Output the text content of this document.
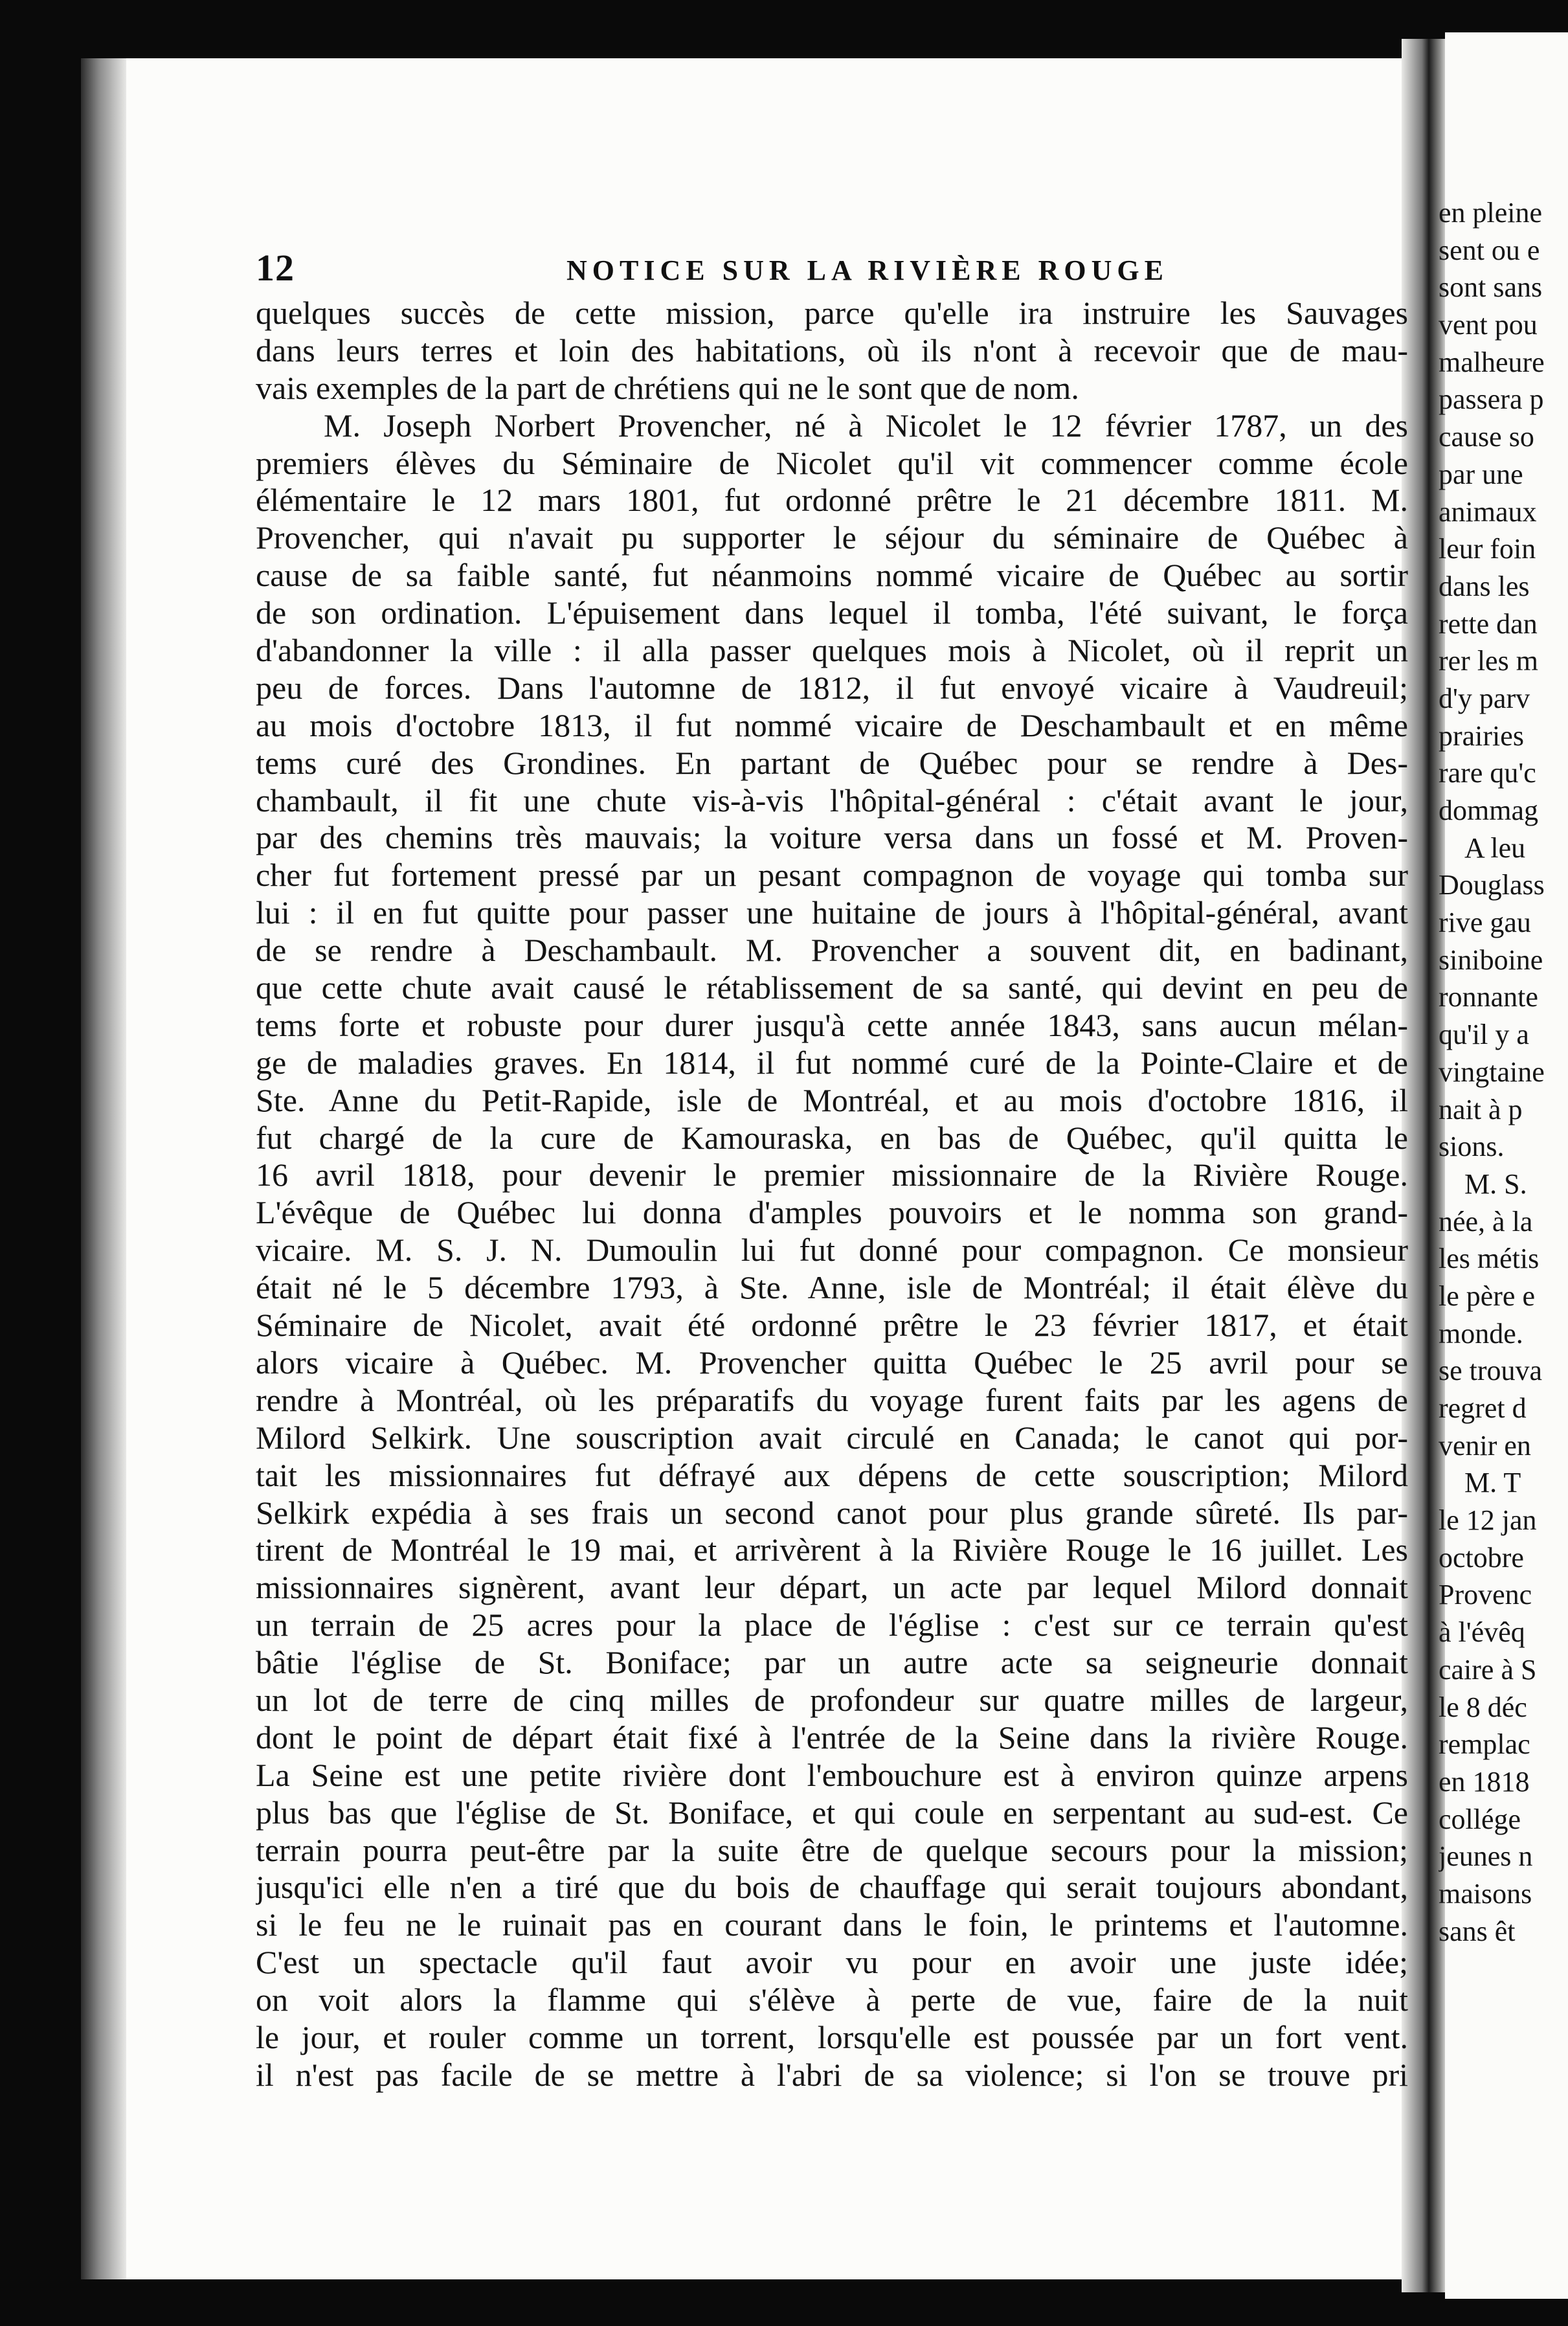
12	NOTICE SUR LA RIVIÈRE ROUGE
quelques succès de cette mission, parce qu'elle ira instruire les Sauvages
dans leurs terres et loin des habitations, où ils n'ont à recevoir que de mau-
vais exemples de la part de chrétiens qui ne le sont que de nom.
M. Joseph Norbert Provencher, né à Nicolet le 12 février 1787, un des
premiers élèves du Séminaire de Nicolet qu'il vit commencer comme école
élémentaire le 12 mars 1801, fut ordonné prêtre le 21 décembre 1811. M.
Provencher, qui n'avait pu supporter le séjour du séminaire de Québec à
cause de sa faible santé, fut néanmoins nommé vicaire de Québec au sortir
de son ordination. L'épuisement dans lequel il tomba, l'été suivant, le força
d'abandonner la ville : il alla passer quelques mois à Nicolet, où il reprit un
peu de forces. Dans l'automne de 1812, il fut envoyé vicaire à Vaudreuil;
au mois d'octobre 1813, il fut nommé vicaire de Deschambault et en même
tems curé des Grondines. En partant de Québec pour se rendre à Des-
chambault, il fit une chute vis-à-vis l'hôpital-général : c'était avant le jour,
par des chemins très mauvais; la voiture versa dans un fossé et M. Proven-
cher fut fortement pressé par un pesant compagnon de voyage qui tomba sur
lui : il en fut quitte pour passer une huitaine de jours à l'hôpital-général, avant
de se rendre à Deschambault. M. Provencher a souvent dit, en badinant,
que cette chute avait causé le rétablissement de sa santé, qui devint en peu de
tems forte et robuste pour durer jusqu'à cette année 1843, sans aucun mélan-
ge de maladies graves. En 1814, il fut nommé curé de la Pointe-Claire et de
Ste. Anne du Petit-Rapide, isle de Montréal, et au mois d'octobre 1816, il
fut chargé de la cure de Kamouraska, en bas de Québec, qu'il quitta le
16 avril 1818, pour devenir le premier missionnaire de la Rivière Rouge.
L'évêque de Québec lui donna d'amples pouvoirs et le nomma son grand-
vicaire. M. S. J. N. Dumoulin lui fut donné pour compagnon. Ce monsieur
était né le 5 décembre 1793, à Ste. Anne, isle de Montréal; il était élève du
Séminaire de Nicolet, avait été ordonné prêtre le 23 février 1817, et était
alors vicaire à Québec. M. Provencher quitta Québec le 25 avril pour se
rendre à Montréal, où les préparatifs du voyage furent faits par les agens de
Milord Selkirk. Une souscription avait circulé en Canada; le canot qui por-
tait les missionnaires fut défrayé aux dépens de cette souscription; Milord
Selkirk expédia à ses frais un second canot pour plus grande sûreté. Ils par-
tirent de Montréal le 19 mai, et arrivèrent à la Rivière Rouge le 16 juillet. Les
missionnaires signèrent, avant leur départ, un acte par lequel Milord donnait
un terrain de 25 acres pour la place de l'église : c'est sur ce terrain qu'est
bâtie l'église de St. Boniface; par un autre acte sa seigneurie donnait
un lot de terre de cinq milles de profondeur sur quatre milles de largeur,
dont le point de départ était fixé à l'entrée de la Seine dans la rivière Rouge.
La Seine est une petite rivière dont l'embouchure est à environ quinze arpens
plus bas que l'église de St. Boniface, et qui coule en serpentant au sud-est. Ce
terrain pourra peut-être par la suite être de quelque secours pour la mission;
jusqu'ici elle n'en a tiré que du bois de chauffage qui serait toujours abondant,
si le feu ne le ruinait pas en courant dans le foin, le printems et l'automne.
C'est un spectacle qu'il faut avoir vu pour en avoir une juste idée;
on voit alors la flamme qui s'élève à perte de vue, faire de la nuit
le jour, et rouler comme un torrent, lorsqu'elle est poussée par un fort vent.
il n'est pas facile de se mettre à l'abri de sa violence; si l'on se trouve pri
en pleine
sent ou e
sont sans
vent pou
malheure
passera p
cause so
par une
animaux
leur foin
dans les
rette dan
rer les m
d'y parv
prairies
rare qu'c
dommag
A leu
Douglass
rive gau
siniboine
ronnante
qu'il y a
vingtaine
nait à p
sions.
M. S.
née, à la
les métis
le père e
monde.
se trouva
regret d
venir en
M. T
le 12 jan
octobre
Provenc
à l'évêq
caire à S
le 8 déc
remplac
en 1818
collége
jeunes n
maisons
sans êt
